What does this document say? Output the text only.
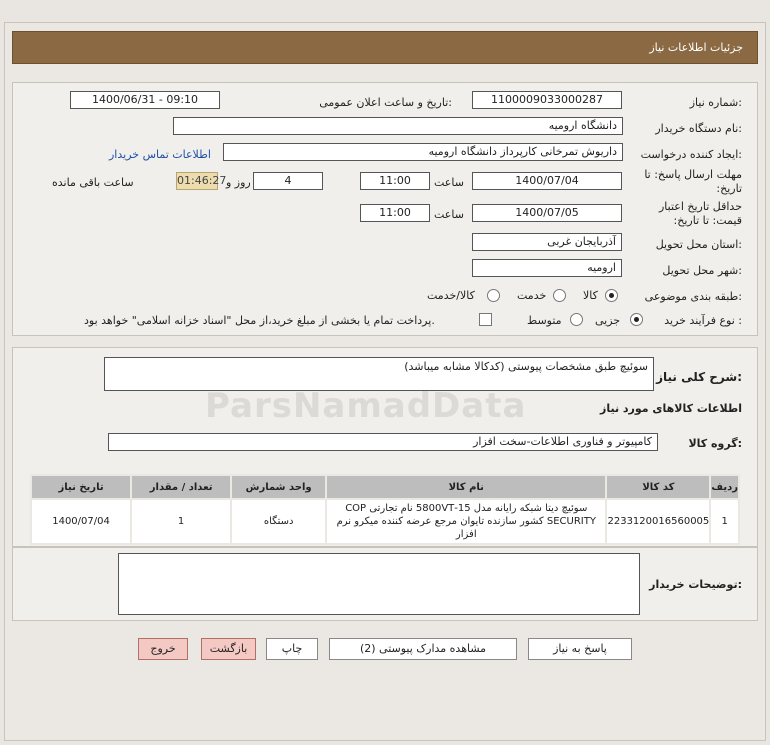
جزئیات اطلاعات نیاز
شماره نیاز:
1100009033000287
تاریخ و ساعت اعلان عمومی:
1400/06/31 - 09:10
نام دستگاه خریدار:
دانشگاه ارومیه
ایجاد کننده درخواست:
داریوش تمرخانی کارپرداز دانشگاه ارومیه
اطلاعات تماس خریدار
مهلت ارسال پاسخ: تا تاریخ:
1400/07/04
ساعت
11:00
4
روز و
01:46:27
ساعت باقی مانده
حداقل تاریخ اعتبار قیمت: تا تاریخ:
1400/07/05
ساعت
11:00
استان محل تحویل:
آذربایجان غربی
شهر محل تحویل:
ارومیه
طبقه بندی موضوعی:
کالا
خدمت
کالا/خدمت
نوع فرآیند خرید :
جزیی
متوسط
پرداخت تمام یا بخشی از مبلغ خرید،از محل "اسناد خزانه اسلامی" خواهد بود.
شرح کلی نیاز:
سوئیچ طبق مشخصات پیوستی (کدکالا مشابه میباشد)
اطلاعات کالاهای مورد نیاز
گروه کالا:
کامپیوتر و فناوری اطلاعات-سخت افزار
ردیف	کد کالا	نام کالا	واحد شمارش	تعداد / مقدار	تاریخ نیاز
1	2233120016560005	سوئیچ دیتا شبکه رایانه مدل 15-5800VT نام تجارتی COP SECURITY کشور سازنده تایوان مرجع عرضه کننده میکرو نرم افزار	دستگاه	1	1400/07/04
توضیحات خریدار:
پاسخ به نیاز
مشاهده مدارک پیوستی (2)
چاپ
بازگشت
خروج
